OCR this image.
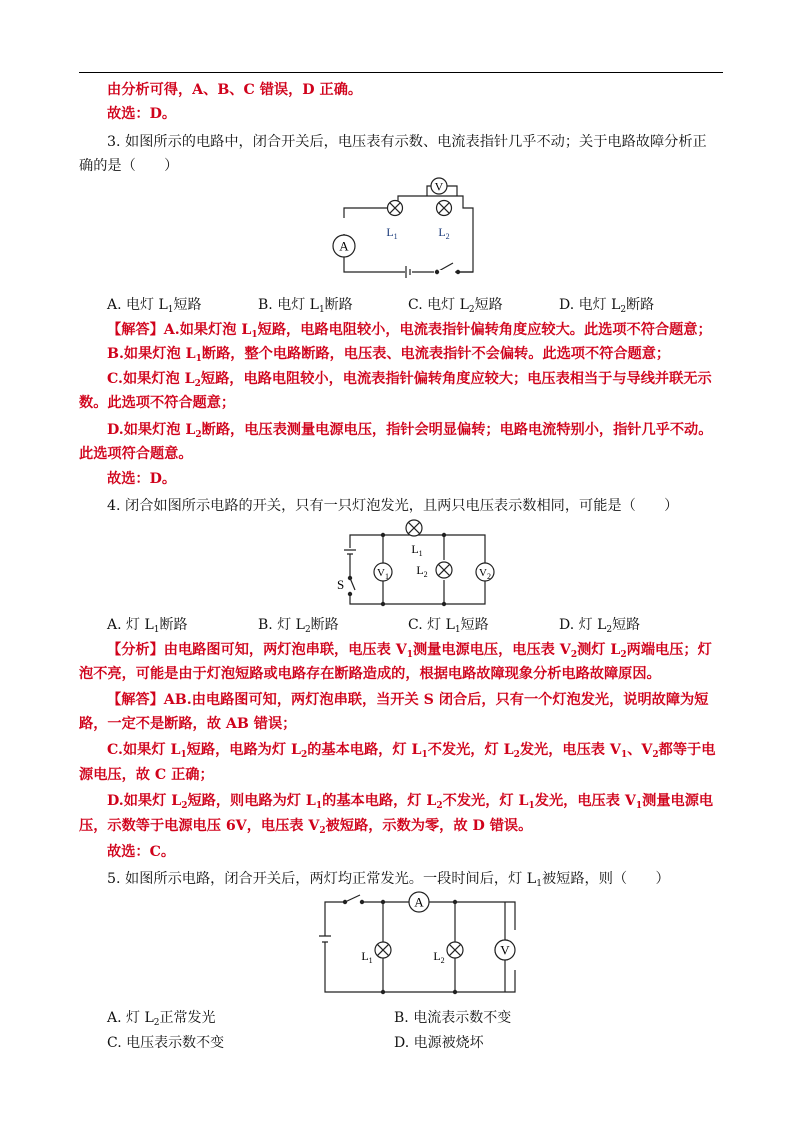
由分析可得，A、B、C 错误，D 正确。
故选：D。
3. 如图所示的电路中，闭合开关后，电压表有示数、电流表指针几乎不动；关于电路故障分析正
确的是（　　）
A
V
$L_1$	$L_2$
A. 电灯 $L_1$短路	B. 电灯 $L_1$断路	C. 电灯 $L_2$短路	D. 电灯 $L_2$断路
【解答】A.如果灯泡 $L_1$短路，电路电阻较小，电流表指针偏转角度应较大。此选项不符合题意；
B.如果灯泡 $L_1$断路，整个电路断路，电压表、电流表指针不会偏转。此选项不符合题意；
C.如果灯泡 $L_2$短路，电路电阻较小，电流表指针偏转角度应较大；电压表相当于与导线并联无示
数。此选项不符合题意；
D.如果灯泡 $L_2$断路，电压表测量电源电压，指针会明显偏转；电路电流特别小，指针几乎不动。
此选项符合题意。
故选：D。
4. 闭合如图所示电路的开关，只有一只灯泡发光，且两只电压表示数相同，可能是（　　）
S
$L_1$
$L_2$
$V_1$	$V_2$
A. 灯 $L_1$断路	B. 灯 $L_2$断路	C. 灯 $L_1$短路	D. 灯 $L_2$短路
【分析】由电路图可知，两灯泡串联，电压表 $V_1$测量电源电压，电压表 $V_2$测灯 $L_2$两端电压；灯
泡不亮，可能是由于灯泡短路或电路存在断路造成的，根据电路故障现象分析电路故障原因。
【解答】AB.由电路图可知，两灯泡串联，当开关 S 闭合后，只有一个灯泡发光，说明故障为短
路，一定不是断路，故 AB 错误；
C.如果灯 $L_1$短路，电路为灯 $L_2$的基本电路，灯 $L_1$不发光，灯 $L_2$发光，电压表 $V_1$、$V_2$都等于电
源电压，故 C 正确；
D.如果灯 $L_2$短路，则电路为灯 $L_1$的基本电路，灯 $L_2$不发光，灯 $L_1$发光，电压表 $V_1$测量电源电
压，示数等于电源电压 6V，电压表 $V_2$被短路，示数为零，故 D 错误。
故选：C。
5. 如图所示电路，闭合开关后，两灯均正常发光。一段时间后，灯 $L_1$被短路，则（　　）
A
V
$L_1$	$L_2$
A. 灯 $L_2$正常发光	B. 电流表示数不变
C. 电压表示数不变	D. 电源被烧坏
